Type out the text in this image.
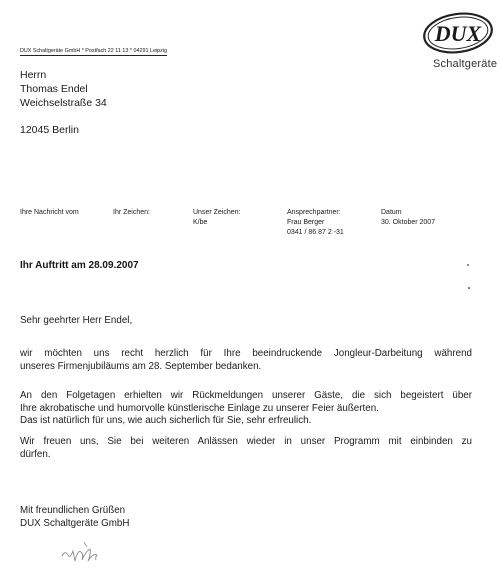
DUX
Schaltgeräte
DUX Schaltgeräte GmbH * Postfach 22 11 13 * 04291 Leipzig
Herrn
Thomas Endel
Weichselstraße 34
12045 Berlin
Ihre Nachricht vom	Ihr Zeichen:	Unser Zeichen:
K/be
Ansprechpartner:
Frau Berger
0341 / 86 87 2 -31
Datum
30. Oktober 2007
Ihr Auftritt am 28.09.2007
Sehr geehrter Herr Endel,
wir möchten uns recht herzlich für Ihre beeindruckende Jongleur-Darbeitung während
unseres Firmenjubiläums am 28. September bedanken.
An den Folgetagen erhielten wir Rückmeldungen unserer Gäste, die sich begeistert über
Ihre akrobatische und humorvolle künstlerische Einlage zu unserer Feier äußerten.
Das ist natürlich für uns, wie auch sicherlich für Sie, sehr erfreulich.
Wir freuen uns, Sie bei weiteren Anlässen wieder in unser Programm mit einbinden zu
dürfen.
Mit freundlichen Grüßen
DUX Schaltgeräte GmbH
